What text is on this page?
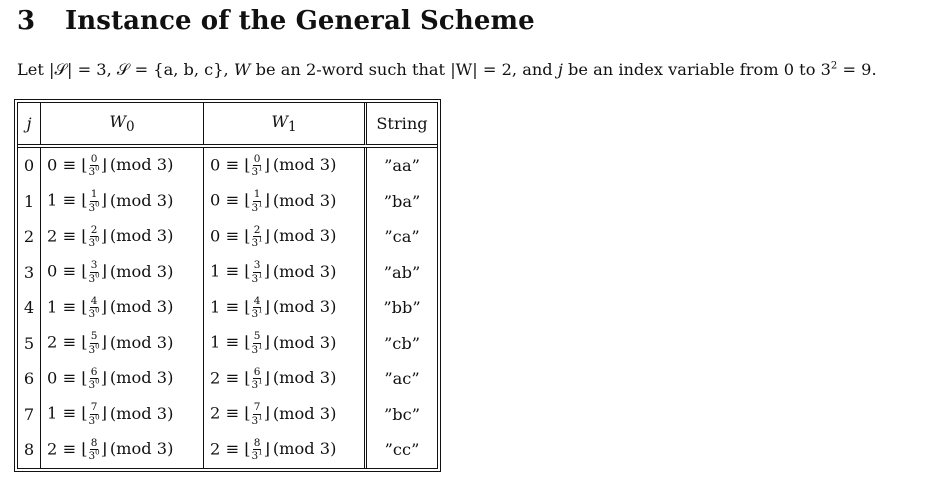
3 Instance of the General Scheme

Let |𝒮| = 3, 𝒮 = {a, b, c}, W be an 2-word such that |W| = 2, and j be an index variable from 0 to $3^2 = 9$.

j	$W_0$	$W_1$	String

0	0 ≡ ⌊ $\frac{0}{3^0}$ ⌋ (mod 3)	0 ≡ ⌊ $\frac{0}{3^1}$ ⌋ (mod 3)	”aa”
1	1 ≡ ⌊ $\frac{1}{3^0}$ ⌋ (mod 3)	0 ≡ ⌊ $\frac{1}{3^1}$ ⌋ (mod 3)	”ba”
2	2 ≡ ⌊ $\frac{2}{3^0}$ ⌋ (mod 3)	0 ≡ ⌊ $\frac{2}{3^1}$ ⌋ (mod 3)	”ca”
3	0 ≡ ⌊ $\frac{3}{3^0}$ ⌋ (mod 3)	1 ≡ ⌊ $\frac{3}{3^1}$ ⌋ (mod 3)	”ab”
4	1 ≡ ⌊ $\frac{4}{3^0}$ ⌋ (mod 3)	1 ≡ ⌊ $\frac{4}{3^1}$ ⌋ (mod 3)	”bb”
5	2 ≡ ⌊ $\frac{5}{3^0}$ ⌋ (mod 3)	1 ≡ ⌊ $\frac{5}{3^1}$ ⌋ (mod 3)	”cb”
6	0 ≡ ⌊ $\frac{6}{3^0}$ ⌋ (mod 3)	2 ≡ ⌊ $\frac{6}{3^1}$ ⌋ (mod 3)	”ac”
7	1 ≡ ⌊ $\frac{7}{3^0}$ ⌋ (mod 3)	2 ≡ ⌊ $\frac{7}{3^1}$ ⌋ (mod 3)	”bc”
8	2 ≡ ⌊ $\frac{8}{3^0}$ ⌋ (mod 3)	2 ≡ ⌊ $\frac{8}{3^1}$ ⌋ (mod 3)	”cc”
